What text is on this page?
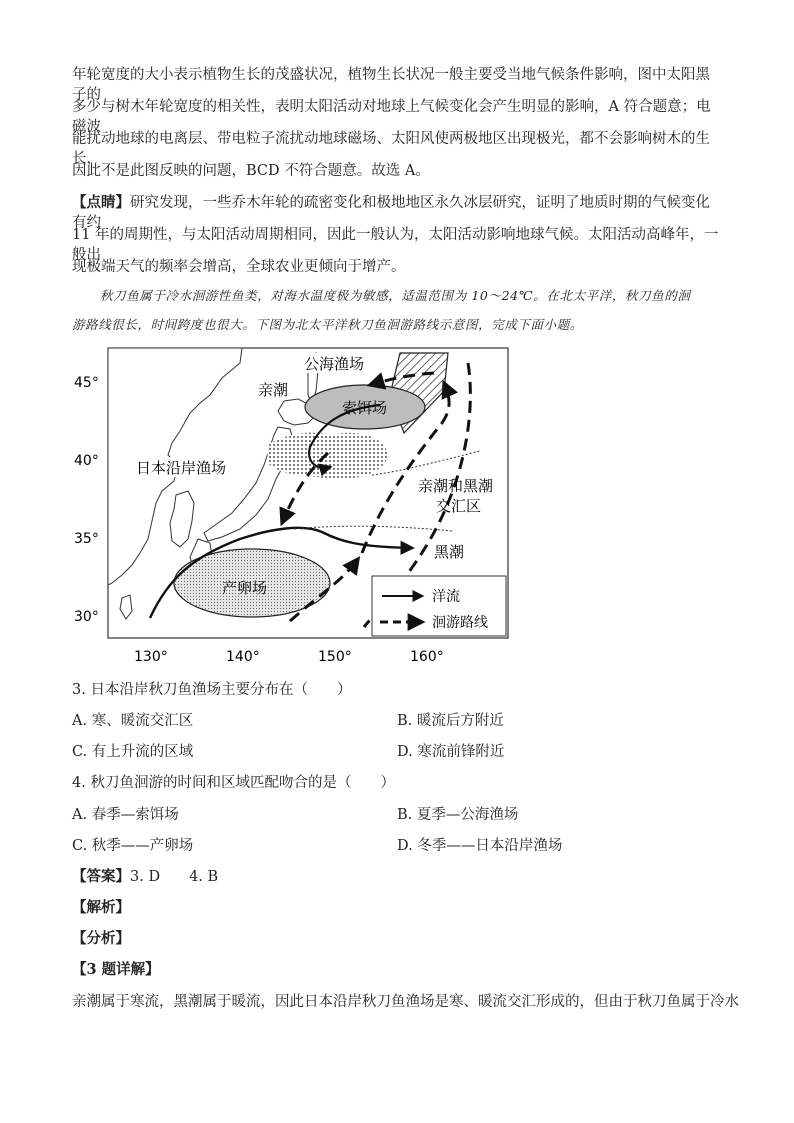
年轮宽度的大小表示植物生长的茂盛状况，植物生长状况一般主要受当地气候条件影响，图中太阳黑子的

多少与树木年轮宽度的相关性，表明太阳活动对地球上气候变化会产生明显的影响，A 符合题意；电磁波

能扰动地球的电离层、带电粒子流扰动地球磁场、太阳风使两极地区出现极光，都不会影响树木的生长，

因此不是此图反映的问题，BCD 不符合题意。故选 A。

【点睛】研究发现，一些乔木年轮的疏密变化和极地地区永久冰层研究，证明了地质时期的气候变化有约

11 年的周期性，与太阳活动周期相同，因此一般认为，太阳活动影响地球气候。太阳活动高峰年，一般出

现极端天气的频率会增高，全球农业更倾向于增产。

秋刀鱼属于冷水洄游性鱼类，对海水温度极为敏感，适温范围为 10～24℃。在北太平洋，秋刀鱼的洄
游路线很长，时间跨度也很大。下图为北太平洋秋刀鱼洄游路线示意图，完成下面小题。
45°
40°
35°
30°
130°	140°	150°	160°
公海渔场
亲潮
索饵场
日本沿岸渔场
亲潮和黑潮
交汇区
黑潮
产卵场	洋流
洄游路线
3. 日本沿岸秋刀鱼渔场主要分布在（　　）
A. 寒、暖流交汇区	B. 暖流后方附近
C. 有上升流的区域	D. 寒流前锋附近
4. 秋刀鱼洄游的时间和区域匹配吻合的是（　　）
A. 春季—索饵场	B. 夏季—公海渔场
C. 秋季——产卵场	D. 冬季——日本沿岸渔场
【答案】3. D　　4. B
【解析】
【分析】
【3 题详解】
亲潮属于寒流，黑潮属于暖流，因此日本沿岸秋刀鱼渔场是寒、暖流交汇形成的，但由于秋刀鱼属于冷水
